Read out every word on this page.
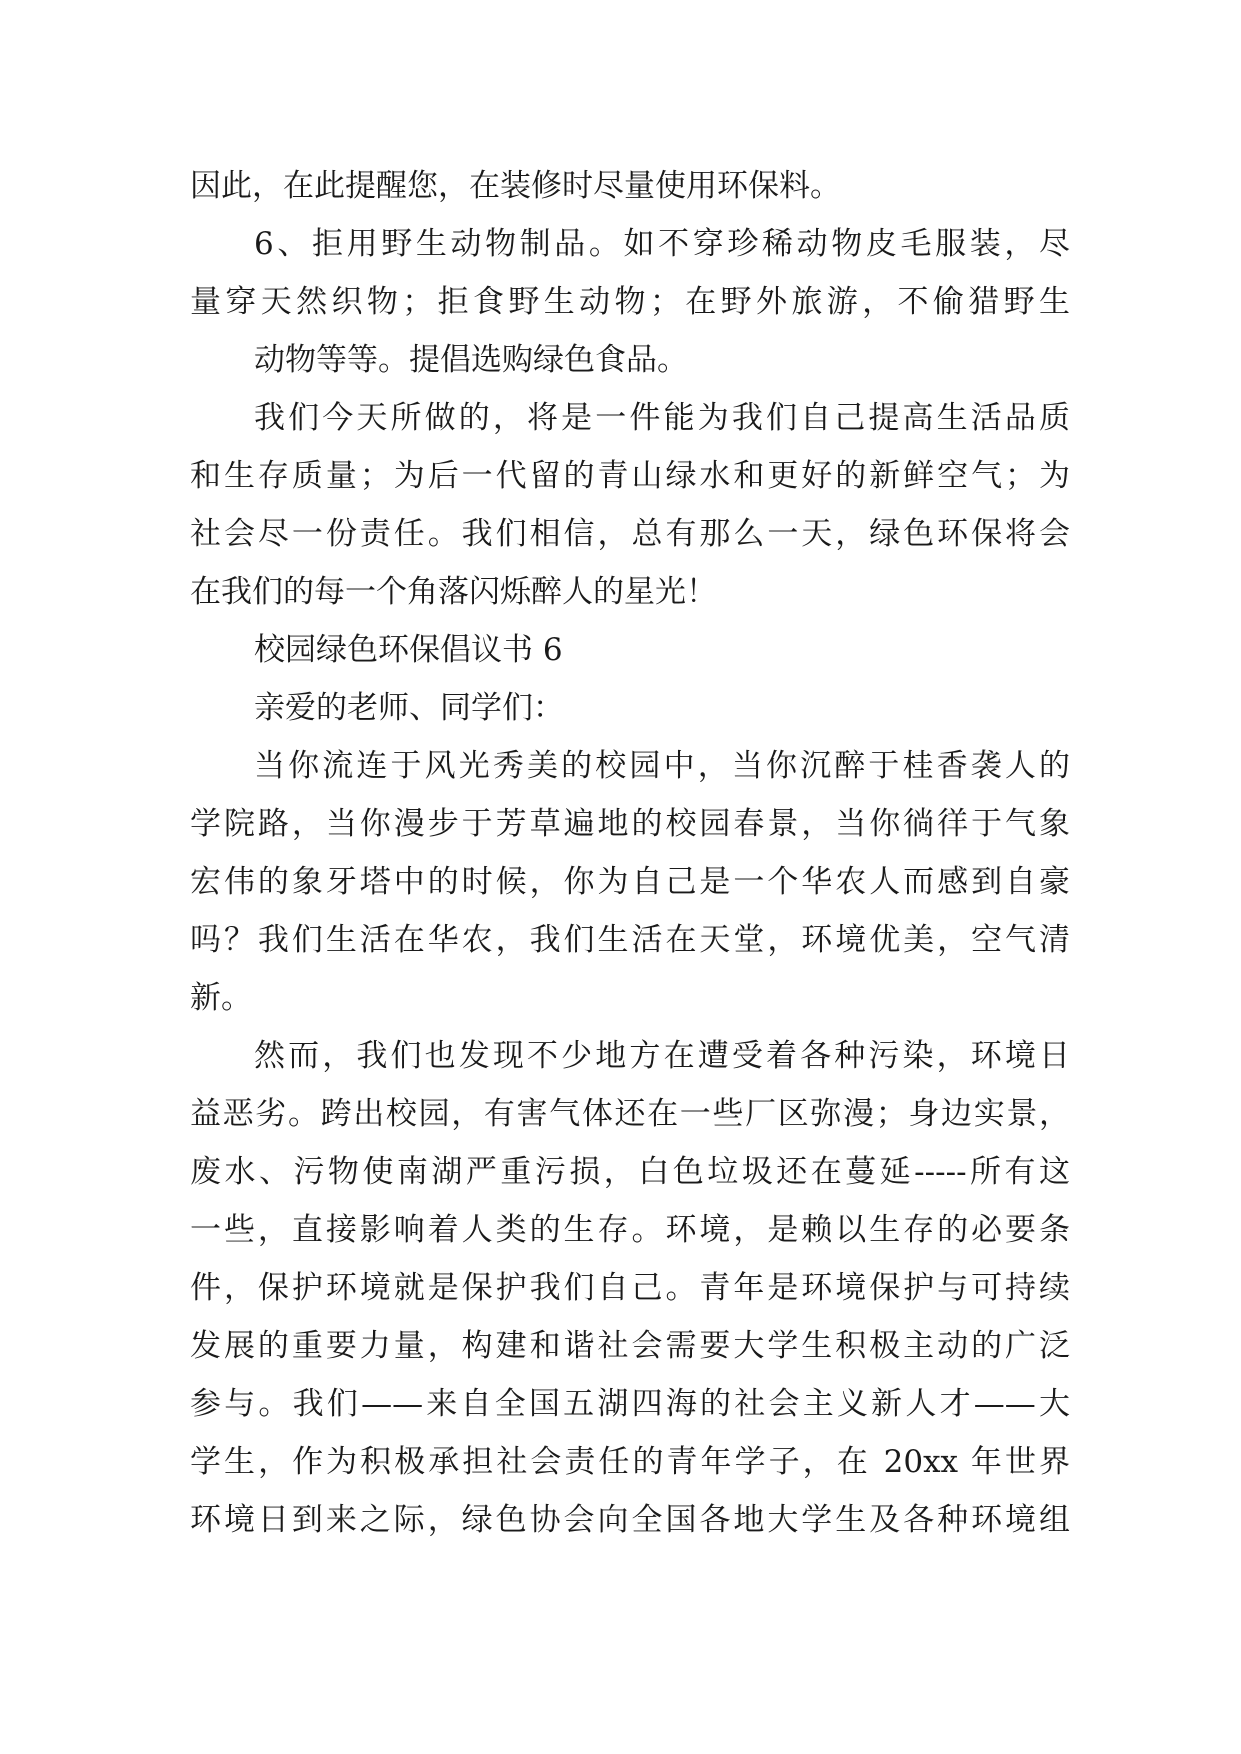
因此，在此提醒您，在装修时尽量使用环保料。
6、拒用野生动物制品。如不穿珍稀动物皮毛服装，尽
量穿天然织物；拒食野生动物；在野外旅游，不偷猎野生
动物等等。提倡选购绿色食品。
我们今天所做的，将是一件能为我们自己提高生活品质
和生存质量；为后一代留的青山绿水和更好的新鲜空气；为
社会尽一份责任。我们相信，总有那么一天，绿色环保将会
在我们的每一个角落闪烁醉人的星光！
校园绿色环保倡议书 6
亲爱的老师、同学们：
当你流连于风光秀美的校园中，当你沉醉于桂香袭人的
学院路，当你漫步于芳草遍地的校园春景，当你徜徉于气象
宏伟的象牙塔中的时候，你为自己是一个华农人而感到自豪
吗？我们生活在华农，我们生活在天堂，环境优美，空气清
新。
然而，我们也发现不少地方在遭受着各种污染，环境日
益恶劣。跨出校园，有害气体还在一些厂区弥漫；身边实景，
废水、污物使南湖严重污损，白色垃圾还在蔓延-----所有这
一些，直接影响着人类的生存。环境，是赖以生存的必要条
件，保护环境就是保护我们自己。青年是环境保护与可持续
发展的重要力量，构建和谐社会需要大学生积极主动的广泛
参与。我们——来自全国五湖四海的社会主义新人才——大
学生，作为积极承担社会责任的青年学子，在 20xx 年世界
环境日到来之际，绿色协会向全国各地大学生及各种环境组
